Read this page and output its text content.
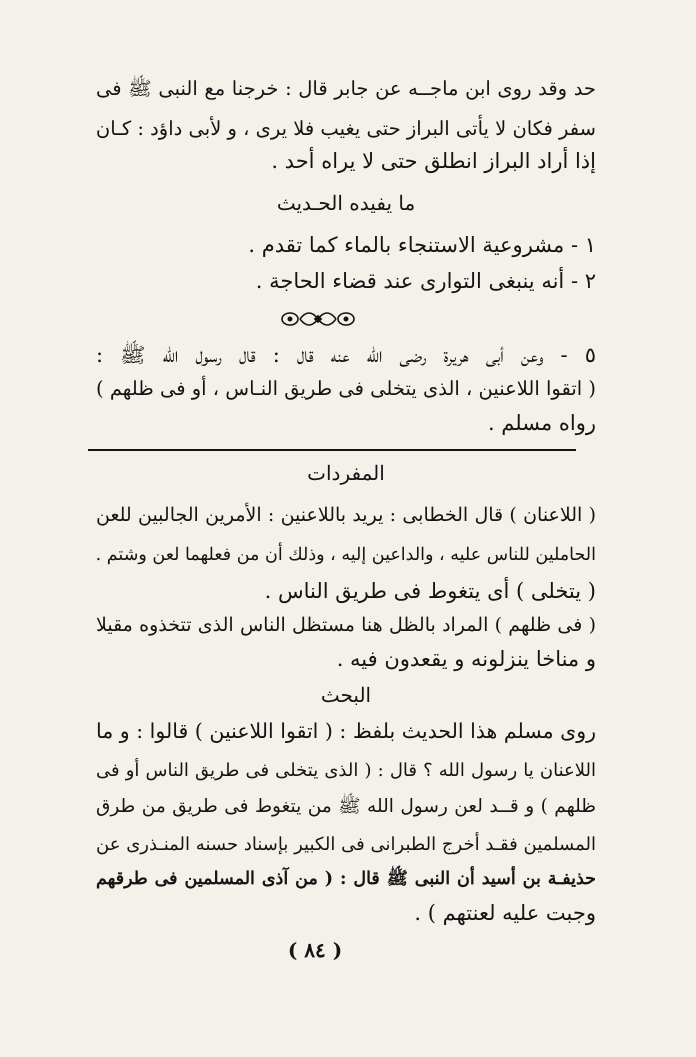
حد وقد روى ابن ماجــه عن جابر قال : خرجنا مع النبى ﷺ فى
سفر فكان لا يأتى البراز حتى يغيب فلا يرى ، و لأبى داؤد : كـان
إذا أراد البراز انطلق حتى لا يراه أحد .
ما يفيده الحـديث
١ - مشروعية الاستنجاء بالماء كما تقدم .
٢ - أنه ينبغى التوارى عند قضاء الحاجة .
٥ - وعن أبى هريرة رضى الله عنه قال : قال رسول الله ﷺ :
( اتقوا اللاعنين ، الذى يتخلى فى طريق النـاس ، أو فى ظلهم )
رواه مسلم .
المفردات
( اللاعنان ) قال الخطابى : يريد باللاعنين : الأمرين الجالبين للعن
الحاملين للناس عليه ، والداعين إليه ، وذلك أن من فعلهما لعن وشتم .
( يتخلى ) أى يتغوط فى طريق الناس .
( فى ظلهم ) المراد بالظل هنا مستظل الناس الذى تتخذوه مقيلا
و مناخا ينزلونه و يقعدون فيه .
البحث
روى مسلم هذا الحديث بلفظ : ( اتقوا اللاعنين ) قالوا : و ما
اللاعنان يا رسول الله ؟ قال : ( الذى يتخلى فى طريق الناس أو فى
ظلهم ) و قــد لعن رسول الله ﷺ من يتغوط فى طريق من طرق
المسلمين فقـد أخرج الطبرانى فى الكبير بإسناد حسنه المنـذرى عن
حذيفـة بن أسيد أن النبى ﷺ قال : ( من آذى المسلمين فى طرقهم
وجبت عليه لعنتهم ) .
( ٨٤ )
